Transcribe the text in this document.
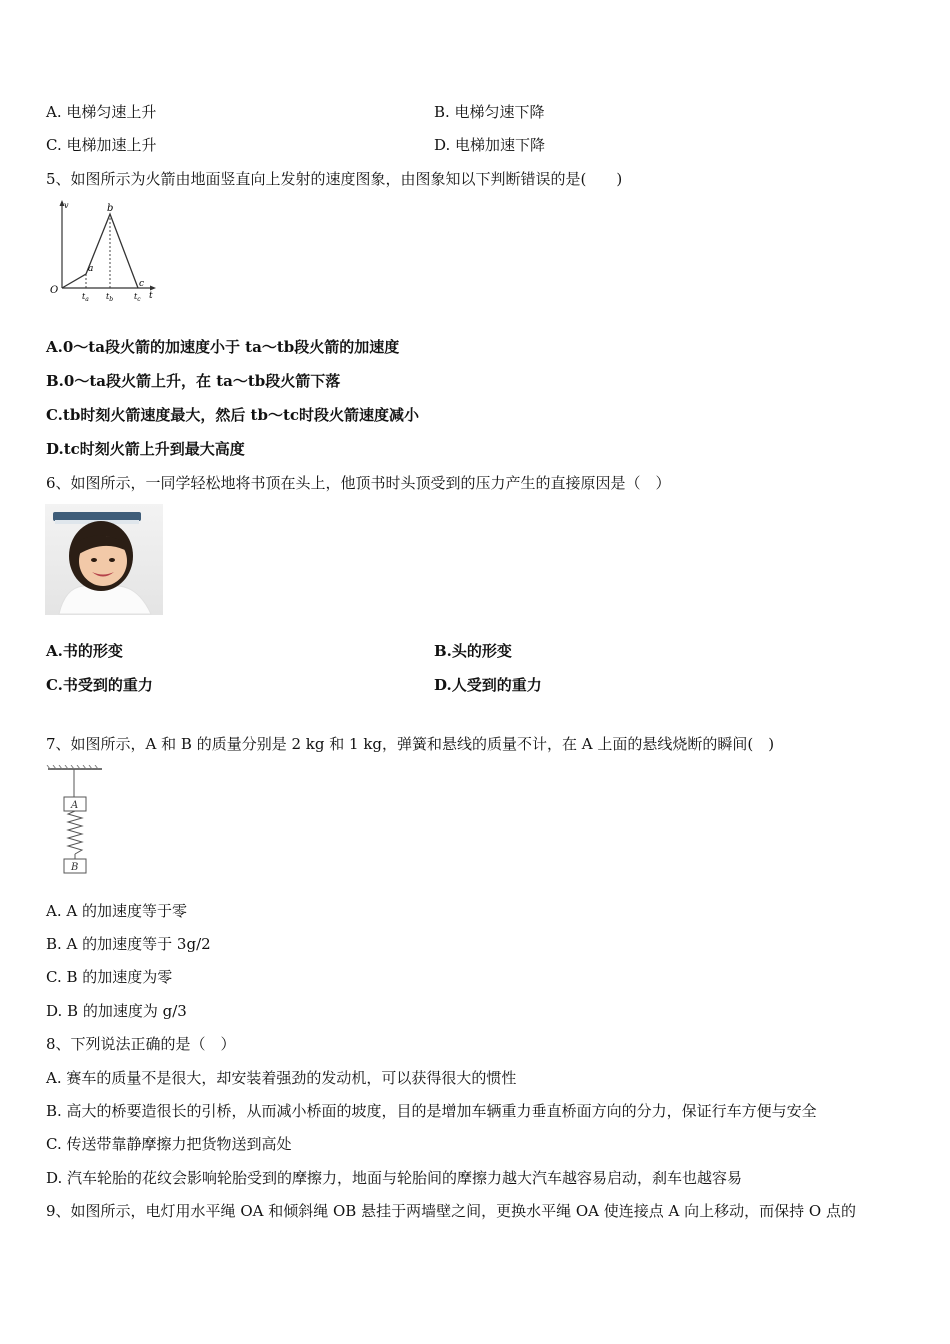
A. 电梯匀速上升	B. 电梯匀速下降
C. 电梯加速上升	D. 电梯加速下降
5、如图所示为火箭由地面竖直向上发射的速度图象，由图象知以下判断错误的是(　　)
v
t
O
a
b
c
$t_a$ $t_b$	$t_c$
A.0～ta段火箭的加速度小于 ta～tb段火箭的加速度
B.0～ta段火箭上升，在 ta～tb段火箭下落
C.tb时刻火箭速度最大，然后 tb～tc时段火箭速度减小
D.tc时刻火箭上升到最大高度
6、如图所示，一同学轻松地将书顶在头上，他顶书时头顶受到的压力产生的直接原因是（　）
A.书的形变	B.头的形变
C.书受到的重力	D.人受到的重力
7、如图所示，A 和 B 的质量分别是 2 kg 和 1 kg，弹簧和悬线的质量不计，在 A 上面的悬线烧断的瞬间(　)
A
B
A. A 的加速度等于零
B. A 的加速度等于 3g/2
C. B 的加速度为零
D. B 的加速度为 g/3
8、下列说法正确的是（　）
A. 赛车的质量不是很大，却安装着强劲的发动机，可以获得很大的惯性
B. 高大的桥要造很长的引桥，从而减小桥面的坡度，目的是增加车辆重力垂直桥面方向的分力，保证行车方便与安全
C. 传送带靠静摩擦力把货物送到高处
D. 汽车轮胎的花纹会影响轮胎受到的摩擦力，地面与轮胎间的摩擦力越大汽车越容易启动，刹车也越容易
9、如图所示，电灯用水平绳 OA 和倾斜绳 OB 悬挂于两墙壁之间，更换水平绳 OA 使连接点 A 向上移动，而保持 O 点的
